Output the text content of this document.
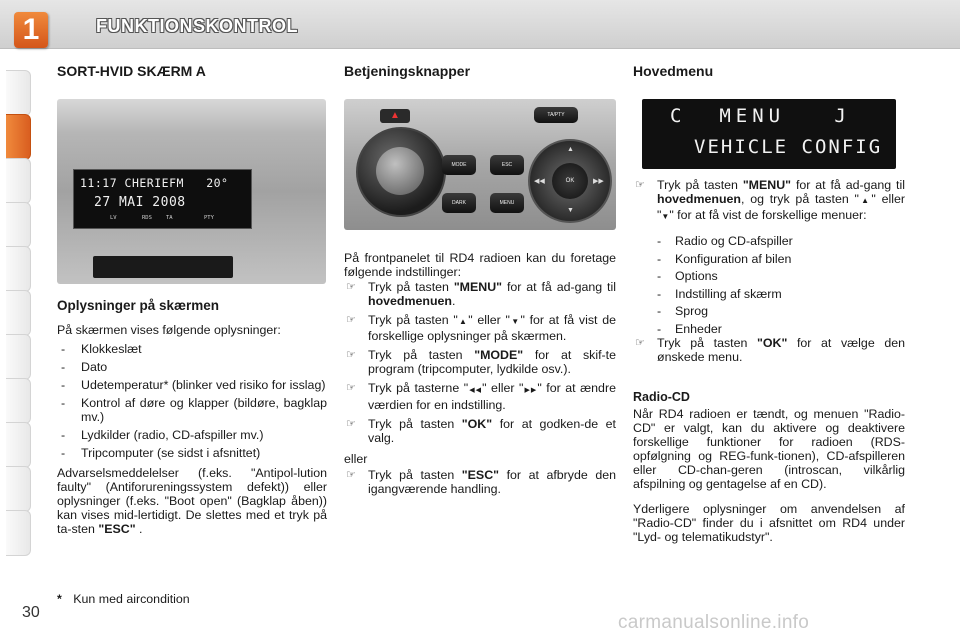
1	FUNKTIONSKONTROL
SORT-HVID SKÆRM A
11:17 CHERIEFM   20°
27 MAI 2008
LV	RDS	TA	PTY
Oplysninger på skærmen
På skærmen vises følgende oplysninger:
- Klokkeslæt
- Dato
- Udetemperatur* (blinker ved risiko for isslag)
- Kontrol af døre og klapper (bildøre, bagklap mv.)
- Lydkilder (radio, CD-afspiller mv.)
- Tripcomputer (se sidst i afsnittet)
Advarselsmeddelelser (f.eks. "Antipol-lution faulty" (Antiforureningssystem defekt)) eller oplysninger (f.eks. "Boot open" (Bagklap åben)) kan vises mid-lertidigt. De slettes med et tryk på ta-sten "ESC" .
* Kun med aircondition
Betjeningsknapper
▲	TA/PTY
MODE
DARK
ESC
MENU
OK
▲
▼
◀◀	▶▶
På frontpanelet til RD4 radioen kan du foretage følgende indstillinger:
☞ Tryk på tasten "MENU" for at få ad-gang til hovedmenuen.
☞ Tryk på tasten "▲" eller "▼" for at få vist de forskellige oplysninger på skærmen.
☞ Tryk på tasten "MODE" for at skif-te program (tripcomputer, lydkilde osv.).
☞ Tryk på tasterne "◀◀" eller "▶▶" for at ændre værdien for en indstilling.
☞ Tryk på tasten "OK" for at godken-de et valg.
eller
☞ Tryk på tasten "ESC" for at afbryde den igangværende handling.
Hovedmenu
C  MENU   J
VEHICLE CONFIG
☞ Tryk på tasten "MENU" for at få ad-gang til hovedmenuen, og tryk på tasten "▲" eller "▼" for at få vist de forskellige menuer:
- Radio og CD-afspiller
- Konfiguration af bilen
- Options
- Indstilling af skærm
- Sprog
- Enheder
☞ Tryk på tasten "OK" for at vælge den ønskede menu.
Radio-CD
Når RD4 radioen er tændt, og menuen "Radio-CD" er valgt, kan du aktivere og deaktivere forskellige funktioner for radioen (RDS-opfølgning og REG-funk-tionen), CD-afspilleren eller CD-chan-geren (introscan, vilkårlig afspilning og gentagelse af en CD).
Yderligere oplysninger om anvendelsen af "Radio-CD" finder du i afsnittet om RD4 under "Lyd- og telematikudstyr".
30	carmanualsonline.info
